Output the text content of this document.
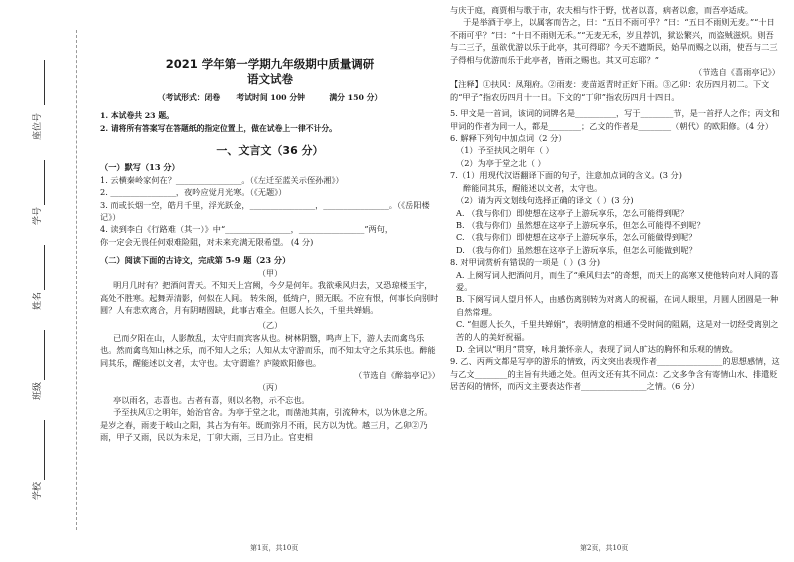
座位号
学号
姓名
班级
学校
2021 学年第一学期九年级期中质量调研
语文试卷
（考试形式：闭卷      考试时间 100 分钟         满分 150 分）

1. 本试卷共 23 题。

2. 请将所有答案写在答题纸的指定位置上，做在试卷上一律不计分。

一、文言文（36 分）

（一）默写（13 分）

1. 云横秦岭家何在？________________。（《左迁至蓝关示侄孙湘》）

2. ________________，夜吟应觉月光寒。（《无题》）

3. 而或长烟一空，皓月千里，浮光跃金，________________，________________。（《岳阳楼记》）

4. 读到李白《行路难（其一）》中“________________，________________”两句，

你一定会无畏任何艰难险阻，对未来充满无限希望。 (4 分)

（二）阅读下面的古诗文，完成第 5-9 题（23 分）

（甲）

明月几时有？把酒问青天。不知天上宫阙，今夕是何年。我欲乘风归去，又恐琼楼玉宇，高处不胜寒。起舞弄清影，何似在人间。 转朱阁，低绮户，照无眠。不应有恨，何事长向别时圆？人有悲欢离合，月有阴晴圆缺，此事古难全。但愿人长久，千里共婵娟。

（乙）

已而夕阳在山，人影散乱，太守归而宾客从也。树林阴翳，鸣声上下，游人去而禽鸟乐也。然而禽鸟知山林之乐，而不知人之乐；人知从太守游而乐，而不知太守之乐其乐也。醉能同其乐，醒能述以文者，太守也。太守谓谁？庐陵欧阳修也。

（节选自《醉翁亭记》）

（丙）

亭以雨名，志喜也。古者有喜，则以名物，示不忘也。

予至扶风①之明年，始治官舍。为亭于堂之北，而凿池其南，引流种木，以为休息之所。是岁之春，雨麦于岐山之阳，其占为有年。既而弥月不雨，民方以为忧。越三月，乙卯②乃雨，甲子又雨，民以为未足，丁卯大雨，三日乃止。官吏相

第1页，共10页

与庆于庭，商贾相与歌于市，农夫相与忭于野，忧者以喜，病者以愈，而吾亭适成。

于是举酒于亭上，以属客而告之，曰：“五日不雨可乎？”曰：“五日不雨则无麦。”“十日不雨可乎？”曰：“十日不雨则无禾。”“无麦无禾，岁且荐饥，狱讼繁兴，而盗贼滋炽。则吾与二三子，虽欲优游以乐于此亭，其可得耶？今天不遗斯民，始旱而赐之以雨，使吾与二三子得相与优游而乐于此亭者，皆雨之赐也。其又可忘耶？”

（节选自《喜雨亭记》）

【注释】①扶风：凤翔府。②雨麦：麦苗返青时正好下雨。③乙卯：农历四月初二。下文的“甲子”指农历四月十一日。下文的“丁卯”指农历四月十四日。

5. 甲文是一首词，该词的词牌名是__________，写于________节，是一首抒人之作；丙文和甲词的作者为同一人，都是________；乙文的作者是________（朝代）的欧阳修。（4 分）

6. 解释下列句中加点词（2 分）

（1）予至扶风之明年（ ）

（2）为亭于堂之北（ ）

7.（1）用现代汉语翻译下面的句子，注意加点词的含义。(3 分)

醉能同其乐，醒能述以文者，太守也。

（2）请为丙文划线句选择正确的译文（ ）(3 分)

A. （我与你们）即使想在这亭子上游玩享乐，怎么可能得到呢？

B. （我与你们）虽然想在这亭子上游玩享乐，但怎么可能得不到呢？

C. （我与你们）即使想在这亭子上游玩享乐，怎么可能做得到呢？

D. （我与你们）虽然想在这亭子上游玩享乐，但怎么可能做到呢？

8. 对甲词赏析有错误的一项是（ ）(3 分)

A. 上阕写词人把酒问月，而生了“乘风归去”的奇想，而天上的高寒又使他转向对人间的喜爱。

B. 下阕写词人望月怀人，由感伤离别转为对离人的祝福，在词人眼里，月圆人团圆是一种自然常理。

C. “但愿人长久，千里共婵娟”，表明情意的相通不受时间的阻隔，这是对一切经受离别之苦的人的美好祝福。

D. 全词以“明月”贯穿，咏月兼怀亲人，表现了词人旷达的胸怀和乐观的情致。

9. 乙、丙两文都是写亭的游乐的情致，丙文突出表现作者________________的思想感情，这与乙文________的主旨有共通之处。但丙文还有其不同点：乙文多争含有寄情山水、排遣贬居苦闷的情怀，而丙文主要表达作者________________之情。（6 分）

第2页，共10页
